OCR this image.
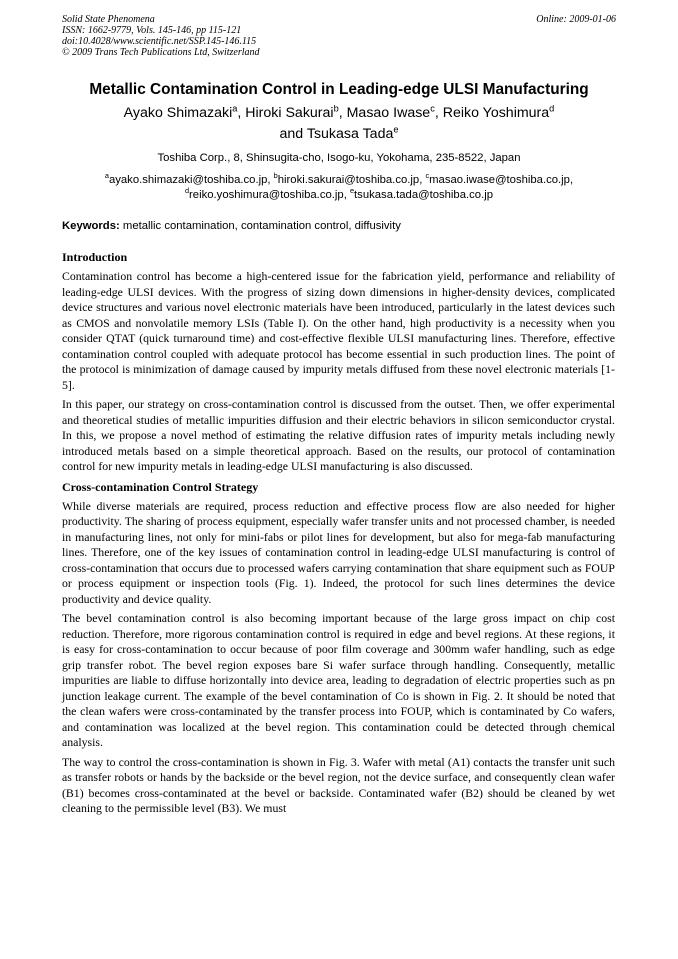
Solid State Phenomena
ISSN: 1662-9779, Vols. 145-146, pp 115-121
doi:10.4028/www.scientific.net/SSP.145-146.115
© 2009 Trans Tech Publications Ltd, Switzerland
Online: 2009-01-06
Metallic Contamination Control in Leading-edge ULSI Manufacturing
Ayako Shimazaki$^a$, Hiroki Sakurai$^b$, Masao Iwase$^c$, Reiko Yoshimura$^d$
and Tsukasa Tada$^e$
Toshiba Corp., 8, Shinsugita-cho, Isogo-ku, Yokohama, 235-8522, Japan
$^a$ayako.shimazaki@toshiba.co.jp, $^b$hiroki.sakurai@toshiba.co.jp, $^c$masao.iwase@toshiba.co.jp,
$^d$reiko.yoshimura@toshiba.co.jp, $^e$tsukasa.tada@toshiba.co.jp
Keywords: metallic contamination, contamination control, diffusivity
Introduction

Contamination control has become a high-centered issue for the fabrication yield, performance and reliability of leading-edge ULSI devices. With the progress of sizing down dimensions in higher-density devices, complicated device structures and various novel electronic materials have been introduced, particularly in the latest devices such as CMOS and nonvolatile memory LSIs (Table I). On the other hand, high productivity is a necessity when you consider QTAT (quick turnaround time) and cost-effective flexible ULSI manufacturing lines. Therefore, effective contamination control coupled with adequate protocol has become essential in such production lines. The point of the protocol is minimization of damage caused by impurity metals diffused from these novel electronic materials [1-5].

In this paper, our strategy on cross-contamination control is discussed from the outset. Then, we offer experimental and theoretical studies of metallic impurities diffusion and their electric behaviors in silicon semiconductor crystal. In this, we propose a novel method of estimating the relative diffusion rates of impurity metals including newly introduced metals based on a simple theoretical approach. Based on the results, our protocol of contamination control for new impurity metals in leading-edge ULSI manufacturing is also discussed.

Cross-contamination Control Strategy

While diverse materials are required, process reduction and effective process flow are also needed for higher productivity. The sharing of process equipment, especially wafer transfer units and not processed chamber, is needed in manufacturing lines, not only for mini-fabs or pilot lines for development, but also for mega-fab manufacturing lines. Therefore, one of the key issues of contamination control in leading-edge ULSI manufacturing is control of cross-contamination that occurs due to processed wafers carrying contamination that share equipment such as FOUP or process equipment or inspection tools (Fig. 1). Indeed, the protocol for such lines determines the device productivity and device quality.

The bevel contamination control is also becoming important because of the large gross impact on chip cost reduction. Therefore, more rigorous contamination control is required in edge and bevel regions. At these regions, it is easy for cross-contamination to occur because of poor film coverage and 300mm wafer handling, such as edge grip transfer robot. The bevel region exposes bare Si wafer surface through handling. Consequently, metallic impurities are liable to diffuse horizontally into device area, leading to degradation of electric properties such as pn junction leakage current. The example of the bevel contamination of Co is shown in Fig. 2. It should be noted that the clean wafers were cross-contaminated by the transfer process into FOUP, which is contaminated by Co wafers, and contamination was localized at the bevel region. This contamination could be detected through chemical analysis.

The way to control the cross-contamination is shown in Fig. 3. Wafer with metal (A1) contacts the transfer unit such as transfer robots or hands by the backside or the bevel region, not the device surface, and consequently clean wafer (B1) becomes cross-contaminated at the bevel or backside. Contaminated wafer (B2) should be cleaned by wet cleaning to the permissible level (B3). We must
